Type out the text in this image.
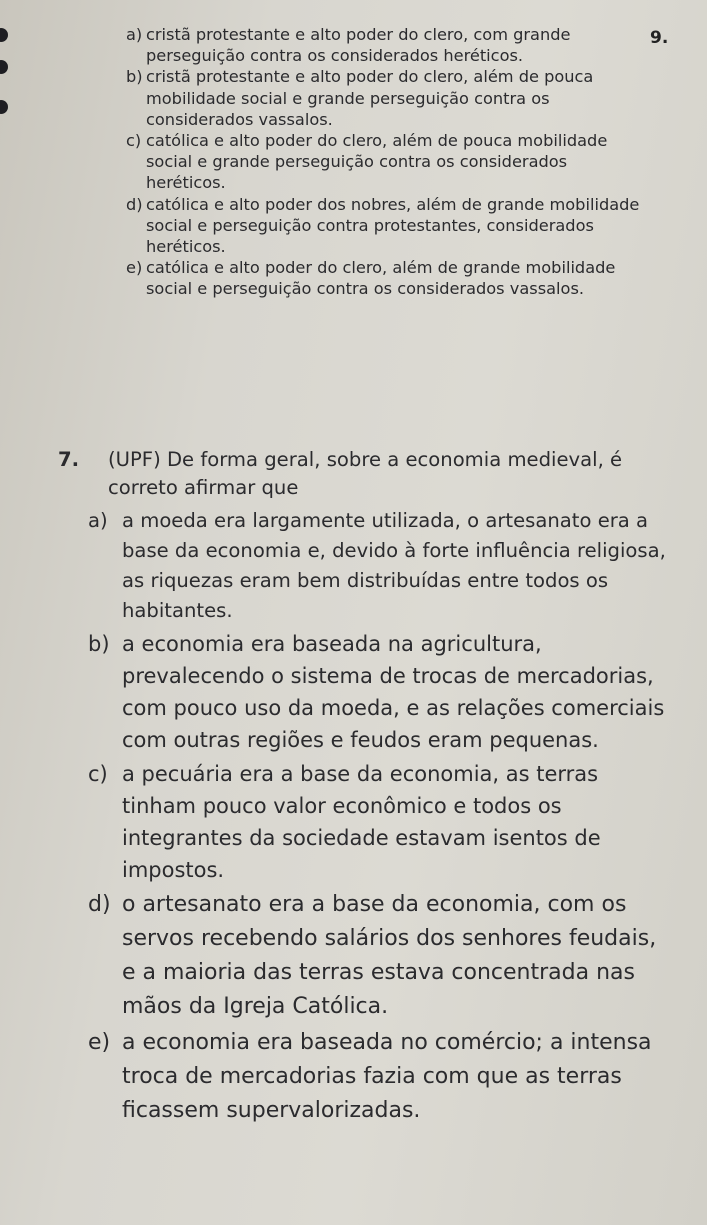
9.

a) cristã protestante e alto poder do clero, com grande perseguição contra os considerados heréticos.

b) cristã protestante e alto poder do clero, além de pouca mobilidade social e grande perseguição contra os considerados vassalos.

c) católica e alto poder do clero, além de pouca mobilidade social e grande perseguição contra os considerados heréticos.

d) católica e alto poder dos nobres, além de grande mobilidade social e perseguição contra protestantes, considerados heréticos.

e) católica e alto poder do clero, além de grande mobilidade social e perseguição contra os considerados vassalos.

7. (UPF) De forma geral, sobre a economia medieval, é correto afirmar que

a) a moeda era largamente utilizada, o artesanato era a base da economia e, devido à forte influência religiosa, as riquezas eram bem distribuídas entre todos os habitantes.

b) a economia era baseada na agricultura, prevalecendo o sistema de trocas de mercadorias, com pouco uso da moeda, e as relações comerciais com outras regiões e feudos eram pequenas.

c) a pecuária era a base da economia, as terras tinham pouco valor econômico e todos os integrantes da sociedade estavam isentos de impostos.

d) o artesanato era a base da economia, com os servos recebendo salários dos senhores feudais, e a maioria das terras estava concentrada nas mãos da Igreja Católica.

e) a economia era baseada no comércio; a intensa troca de mercadorias fazia com que as terras ficassem supervalorizadas.
